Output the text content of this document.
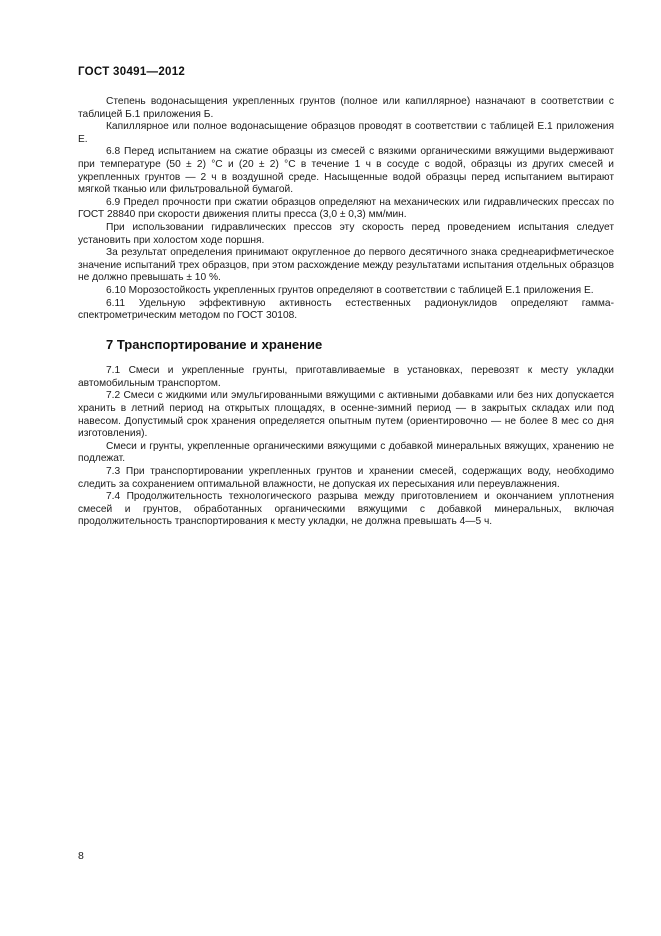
ГОСТ 30491—2012

Степень водонасыщения укрепленных грунтов (полное или капиллярное) назначают в соответствии с таблицей Б.1 приложения Б.

Капиллярное или полное водонасыщение образцов проводят в соответствии с таблицей Е.1 приложения Е.

6.8 Перед испытанием на сжатие образцы из смесей с вязкими органическими вяжущими выдерживают при температуре (50 ± 2) °С и (20 ± 2) °С в течение 1 ч в сосуде с водой, образцы из других смесей и укрепленных грунтов — 2 ч в воздушной среде. Насыщенные водой образцы перед испытанием вытирают мягкой тканью или фильтровальной бумагой.

6.9 Предел прочности при сжатии образцов определяют на механических или гидравлических прессах по ГОСТ 28840 при скорости движения плиты пресса (3,0 ± 0,3) мм/мин.

При использовании гидравлических прессов эту скорость перед проведением испытания следует установить при холостом ходе поршня.

За результат определения принимают округленное до первого десятичного знака среднеарифметическое значение испытаний трех образцов, при этом расхождение между результатами испытания отдельных образцов не должно превышать ± 10 %.

6.10 Морозостойкость укрепленных грунтов определяют в соответствии с таблицей Е.1 приложения Е.

6.11 Удельную эффективную активность естественных радионуклидов определяют гамма-спектрометрическим методом по ГОСТ 30108.

7 Транспортирование и хранение

7.1 Смеси и укрепленные грунты, приготавливаемые в установках, перевозят к месту укладки автомобильным транспортом.

7.2 Смеси с жидкими или эмульгированными вяжущими с активными добавками или без них допускается хранить в летний период на открытых площадях, в осенне-зимний период — в закрытых складах или под навесом. Допустимый срок хранения определяется опытным путем (ориентировочно — не более 8 мес со дня изготовления).

Смеси и грунты, укрепленные органическими вяжущими с добавкой минеральных вяжущих, хранению не подлежат.

7.3 При транспортировании укрепленных грунтов и хранении смесей, содержащих воду, необходимо следить за сохранением оптимальной влажности, не допуская их пересыхания или переувлажнения.

7.4 Продолжительность технологического разрыва между приготовлением и окончанием уплотнения смесей и грунтов, обработанных органическими вяжущими с добавкой минеральных, включая продолжительность транспортирования к месту укладки, не должна превышать 4—5 ч.

8
